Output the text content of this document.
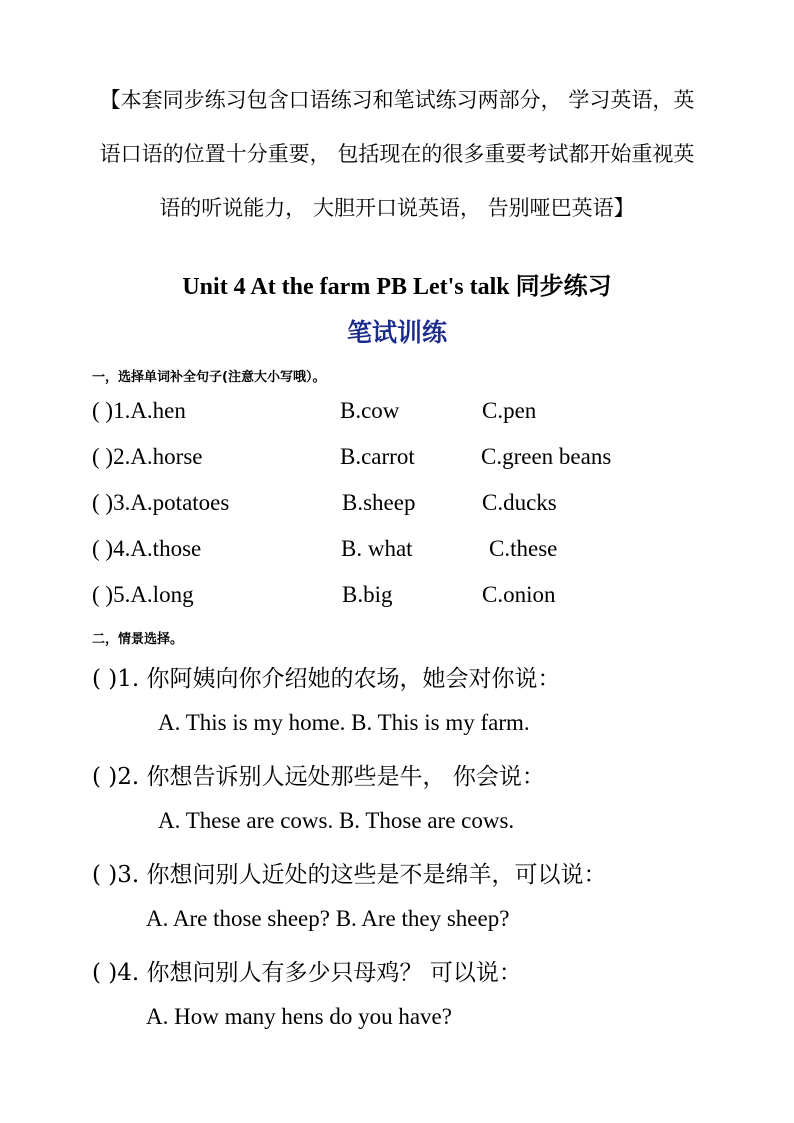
【本套同步练习包含口语练习和笔试练习两部分， 学习英语，英
语口语的位置十分重要， 包括现在的很多重要考试都开始重视英
语的听说能力， 大胆开口说英语， 告别哑巴英语】
Unit 4 At the farm PB Let's talk 同步练习
笔试训练
一，选择单词补全句子(注意大小写哦）。
( )1.A.hen	B.cow	C.pen
( )2.A.horse	B.carrot	C.green beans
( )3.A.potatoes	B.sheep	C.ducks
( )4.A.those	B. what	C.these
( )5.A.long	B.big	C.onion
二，情景选择。
( )1. 你阿姨向你介绍她的农场，她会对你说：
A. This is my home. B. This is my farm.
( )2. 你想告诉别人远处那些是牛， 你会说：
A. These are cows. B. Those are cows.
( )3. 你想问别人近处的这些是不是绵羊，可以说：
A. Are those sheep? B. Are they sheep?
( )4. 你想问别人有多少只母鸡？ 可以说：
A. How many hens do you have?
